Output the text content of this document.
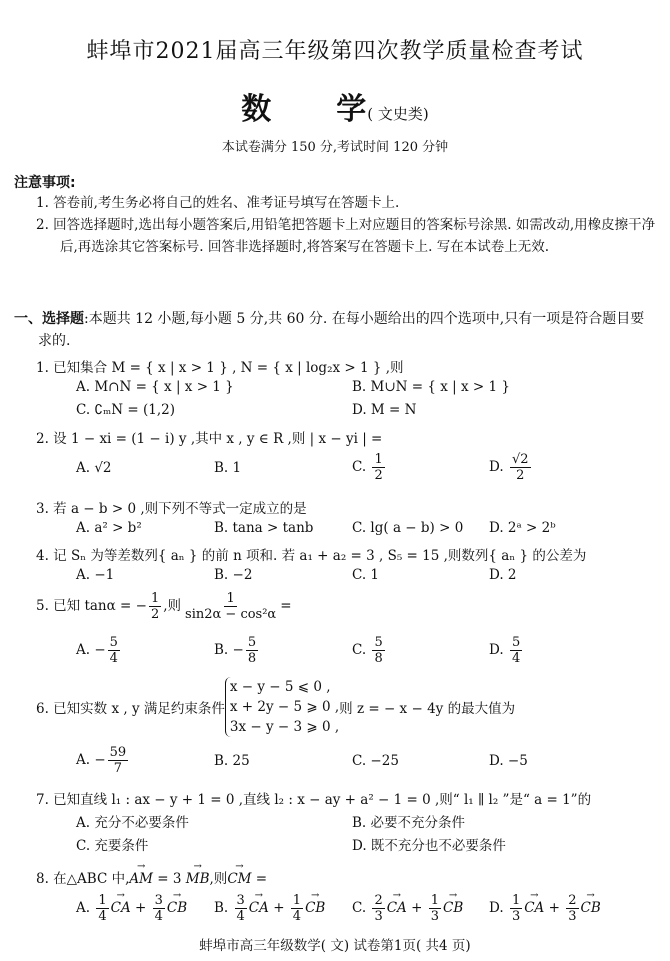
蚌埠市2021届高三年级第四次教学质量检查考试
数 学( 文史类)
本试卷满分 150 分,考试时间 120 分钟
注意事项:
1. 答卷前,考生务必将自己的姓名、准考证号填写在答题卡上.
2. 回答选择题时,选出每小题答案后,用铅笔把答题卡上对应题目的答案标号涂黑. 如需改动,用橡皮擦干净后,再选涂其它答案标号. 回答非选择题时,将答案写在答题卡上. 写在本试卷上无效.
一、选择题:本题共 12 小题,每小题 5 分,共 60 分. 在每小题给出的四个选项中,只有一项是符合题目要求的.
1. 已知集合 M = { x | x > 1 } , N = { x | log₂x > 1 } ,则
A. M∩N = { x | x > 1 }	B. M∪N = { x | x > 1 }
C. ∁ₘN = (1,2)	D. M = N
2. 设 1 − xi = (1 − i) y ,其中 x , y ∈ R ,则 | x − yi | =
A. √2	B. 1	C. $\frac{1}{2}$	D. $\frac{√2}{2}$
3. 若 a − b > 0 ,则下列不等式一定成立的是
A. a² > b²	B. tana > tanb	C. lg( a − b) > 0 D. 2ᵃ > 2ᵇ
4. 记 Sₙ 为等差数列{ aₙ } 的前 n 项和. 若 a₁ + a₂ = 3 , S₅ = 15 ,则数列{ aₙ } 的公差为
A. −1	B. −2	C. 1	D. 2
5. 已知 tanα = − $\frac{1}{2}$ ,则 $\frac{1}{\text{sin2α − cos²α}}$ =
A. − $\frac{5}{4}$	B. − $\frac{5}{8}$	C. $\frac{5}{8}$	D. $\frac{5}{4}$
6. 已知实数 x , y 满足约束条件
x − y − 5 ⩽ 0 ,
x + 2y − 5 ⩾ 0 ,
3x − y − 3 ⩾ 0 ,
则 z = − x − 4y 的最大值为
A. − $\frac{59}{7}$	B. 25	C. −25	D. −5
7. 已知直线 l₁ : ax − y + 1 = 0 ,直线 l₂ : x − ay + a² − 1 = 0 ,则“ l₁ ∥ l₂ ”是“ a = 1”的
A. 充分不必要条件	B. 必要不充分条件
C. 充要条件	D. 既不充分也不必要条件
8. 在△ABC 中,→ AM = 3 → MB,则→ CM =
A. $\frac{1}{4}$ → CA + $\frac{3}{4}$ → CB B. $\frac{3}{4}$ → CA + $\frac{1}{4}$ → CB C. $\frac{2}{3}$ → CA + $\frac{1}{3}$ → CB D. $\frac{1}{3}$ → CA + $\frac{2}{3}$ → CB
蚌埠市高三年级数学( 文) 试卷第1页( 共4 页)
